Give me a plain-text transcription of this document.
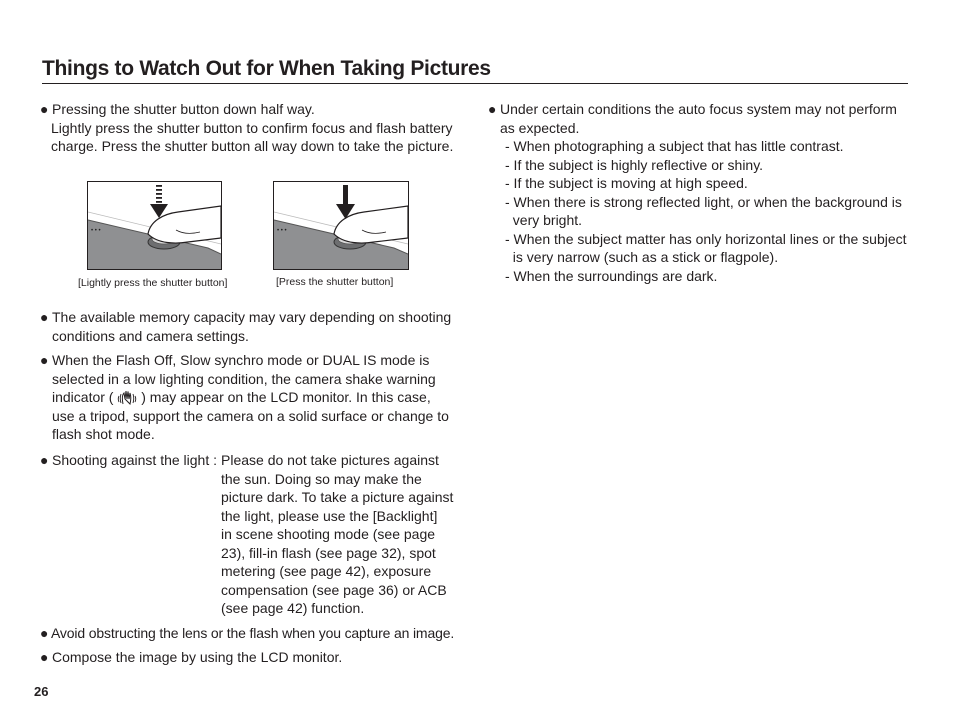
Things to Watch Out for When Taking Pictures
● Pressing the shutter button down half way.
Lightly press the shutter button to confirm focus and flash battery
charge. Press the shutter button all way down to take the picture.
• • •
[Lightly press the shutter button]
• • •
[Press the shutter button]
● The available memory capacity may vary depending on shooting
conditions and camera settings.
● When the Flash Off, Slow synchro mode or DUAL IS mode is
selected in a low lighting condition, the camera shake warning
indicator ( ) may appear on the LCD monitor. In this case,
use a tripod, support the camera on a solid surface or change to
flash shot mode.
● Shooting against the light : Please do not take pictures against
the sun. Doing so may make the
picture dark. To take a picture against
the light, please use the [Backlight]
in scene shooting mode (see page
23), fill-in flash (see page 32), spot
metering (see page 42), exposure
compensation (see page 36) or ACB
(see page 42) function.
● Avoid obstructing the lens or the flash when you capture an image.
● Compose the image by using the LCD monitor.
● Under certain conditions the auto focus system may not perform
as expected.
- When photographing a subject that has little contrast.
- If the subject is highly reflective or shiny.
- If the subject is moving at high speed.
- When there is strong reflected light, or when the background is
very bright.
- When the subject matter has only horizontal lines or the subject
is very narrow (such as a stick or flagpole).
- When the surroundings are dark.
26
